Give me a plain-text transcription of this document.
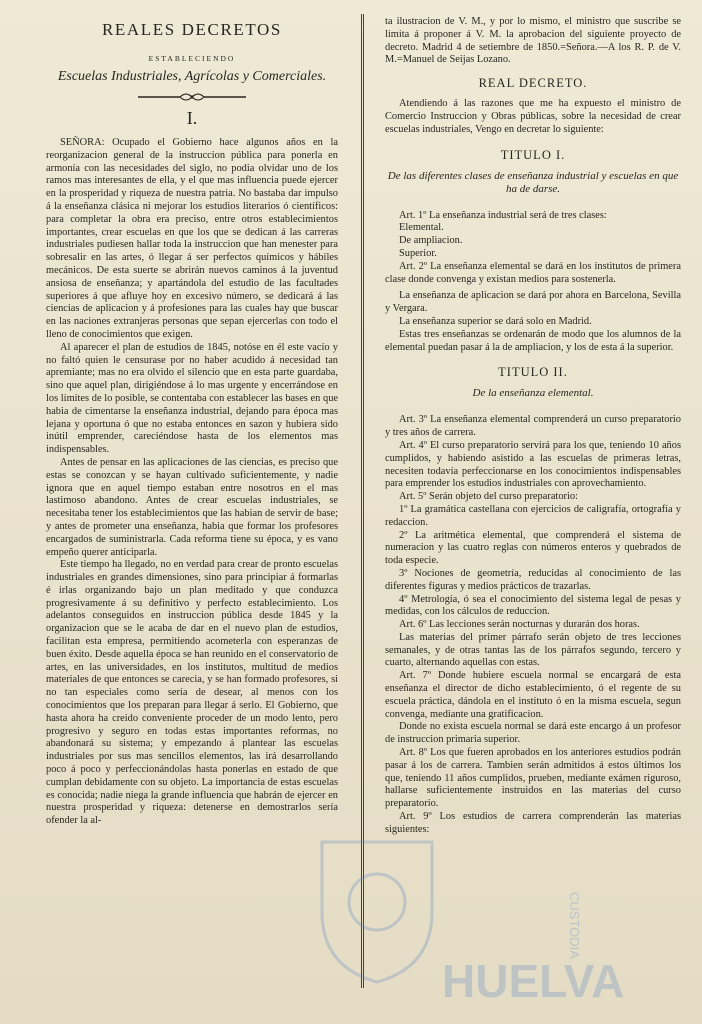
REALES DECRETOS
ESTABLECIENDO
Escuelas Industriales, Agrícolas y Comerciales.
I.

SEÑORA: Ocupado el Gobierno hace algunos años en la reorganizacion general de la instruccion pública para ponerla en armonía con las necesidades del siglo, no podia olvidar uno de los ramos mas interesantes de ella, y el que mas influencia puede ejercer en la prosperidad y riqueza de nuestra patria. No bastaba dar impulso á la enseñanza clásica ni mejorar los estudios literarios ó científicos: para completar la obra era preciso, entre otros establecimientos importantes, crear escuelas en que los que se dedican á las carreras industriales pudiesen hallar toda la instruccion que han menester para sobresalir en las artes, ó llegar á ser perfectos químicos y hábiles mecánicos. De esta suerte se abrirán nuevos caminos á la juventud ansiosa de enseñanza; y apartándola del estudio de las facultades superiores á que afluye hoy en excesivo número, se dedicará á las ciencias de aplicacion y á profesiones para las cuales hay que buscar en las naciones extranjeras personas que sepan ejercerlas con todo el lleno de conocimientos que exigen.

Al aparecer el plan de estudios de 1845, notóse en él este vacío y no faltó quien le censurase por no haber acudido á necesidad tan apremiante; mas no era olvido el silencio que en esta parte guardaba, sino que aquel plan, dirigiéndose á lo mas urgente y encerrándose en los límites de lo posible, se contentaba con establecer las bases en que habia de cimentarse la enseñanza industrial, dejando para época mas lejana y oportuna ó que no estaba entonces en sazon y hubiera sido inútil emprender, careciéndose hasta de los elementos mas indispensables.

Antes de pensar en las aplicaciones de las ciencias, es preciso que estas se conozcan y se hayan cultivado suficientemente, y nadie ignora que en aquel tiempo estaban entre nosotros en el mas lastimoso abandono. Antes de crear escuelas industriales, se necesitaba tener los establecimientos que las habian de servir de base; y antes de prometer una enseñanza, habia que formar los profesores encargados de suministrarla. Cada reforma tiene su época, y es vano empeño querer anticiparla.

Este tiempo ha llegado, no en verdad para crear de pronto escuelas industriales en grandes dimensiones, sino para principiar á formarlas é irlas organizando bajo un plan meditado y que conduzca progresivamente á su definitivo y perfecto establecimiento. Los adelantos conseguidos en instruccion pública desde 1845 y la organizacion que se le acaba de dar en el nuevo plan de estudios, facilitan esta empresa, permitiendo acometerla con esperanzas de buen éxito. Desde aquella época se han reunido en el conservatorio de artes, en las universidades, en los institutos, multitud de medios materiales de que entonces se carecia, y se han formado profesores, si no tan especiales como sería de desear, al menos con los conocimientos que los preparan para llegar á serlo. El Gobierno, que hasta ahora ha creido conveniente proceder de un modo lento, pero progresivo y seguro en todas estas importantes reformas, no abandonará su sistema; y empezando á plantear las escuelas industriales por sus mas sencillos elementos, las irá desarrollando poco á poco y perfeccionándolas hasta ponerlas en estado de que cumplan debidamente con su objeto. La importancia de estas escuelas es conocida; nadie niega la grande influencia que habrán de ejercer en nuestra prosperidad y riqueza: detenerse en demostrarlos sería ofender la al-

ta ilustracion de V. M., y por lo mismo, el ministro que suscribe se limita á proponer á V. M. la aprobacion del siguiente proyecto de decreto. Madrid 4 de setiembre de 1850.=Señora.—A los R. P. de V. M.=Manuel de Seijas Lozano.

REAL DECRETO.

Atendiendo á las razones que me ha expuesto el ministro de Comercio Instruccion y Obras públicas, sobre la necesidad de crear escuelas industriales, Vengo en decretar lo siguiente:

TITULO I.
De las diferentes clases de enseñanza industrial y escuelas en que ha de darse.

Art. 1º La enseñanza industrial será de tres clases:

Elemental.

De ampliacion.

Superior.

Art. 2º La enseñanza elemental se dará en los institutos de primera clase donde convenga y existan medios para sostenerla.

La enseñanza de aplicacion se dará por ahora en Barcelona, Sevilla y Vergara.

La enseñanza superior se dará solo en Madrid.

Estas tres enseñanzas se ordenarán de modo que los alumnos de la elemental puedan pasar á la de ampliacion, y los de esta á la superior.

TITULO II.
De la enseñanza elemental.

Art. 3º La enseñanza elemental comprenderá un curso preparatorio y tres años de carrera.

Art. 4º El curso preparatorio servirá para los que, teniendo 10 años cumplidos, y habiendo asistido a las escuelas de primeras letras, necesiten todavía perfeccionarse en los conocimientos indispensables para emprender los estudios industriales con aprovechamiento.

Art. 5º Serán objeto del curso preparatorio:

1º La gramática castellana con ejercicios de caligrafía, ortografía y redaccion.

2º La aritmética elemental, que comprenderá el sistema de numeracion y las cuatro reglas con números enteros y quebrados de toda especie.

3º Nociones de geometría, reducidas al conocimiento de las diferentes figuras y medios prácticos de trazarlas.

4º Metrología, ó sea el conocimiento del sistema legal de pesas y medidas, con los cálculos de reduccion.

Art. 6º Las lecciones serán nocturnas y durarán dos horas.

Las materias del primer párrafo serán objeto de tres lecciones semanales, y de otras tantas las de los párrafos segundo, tercero y cuarto, alternando aquellas con estas.

Art. 7º Donde hubiere escuela normal se encargará de esta enseñanza el director de dicho establecimiento, ó el regente de su escuela práctica, dándola en el instituto ó en la misma escuela, segun convenga, mediante una gratificacion.

Donde no exista escuela normal se dará este encargo á un profesor de instruccion primaria superior.

Art. 8º Los que fueren aprobados en los anteriores estudios podrán pasar á los de carrera. Tambien serán admitidos á estos últimos los que, teniendo 11 años cumplidos, prueben, mediante exámen riguroso, hallarse suficientemente instruidos en las materias del curso preparatorio.

Art. 9º Los estudios de carrera comprenderán las materias siguientes:

HUELVA
CUSTODIA
